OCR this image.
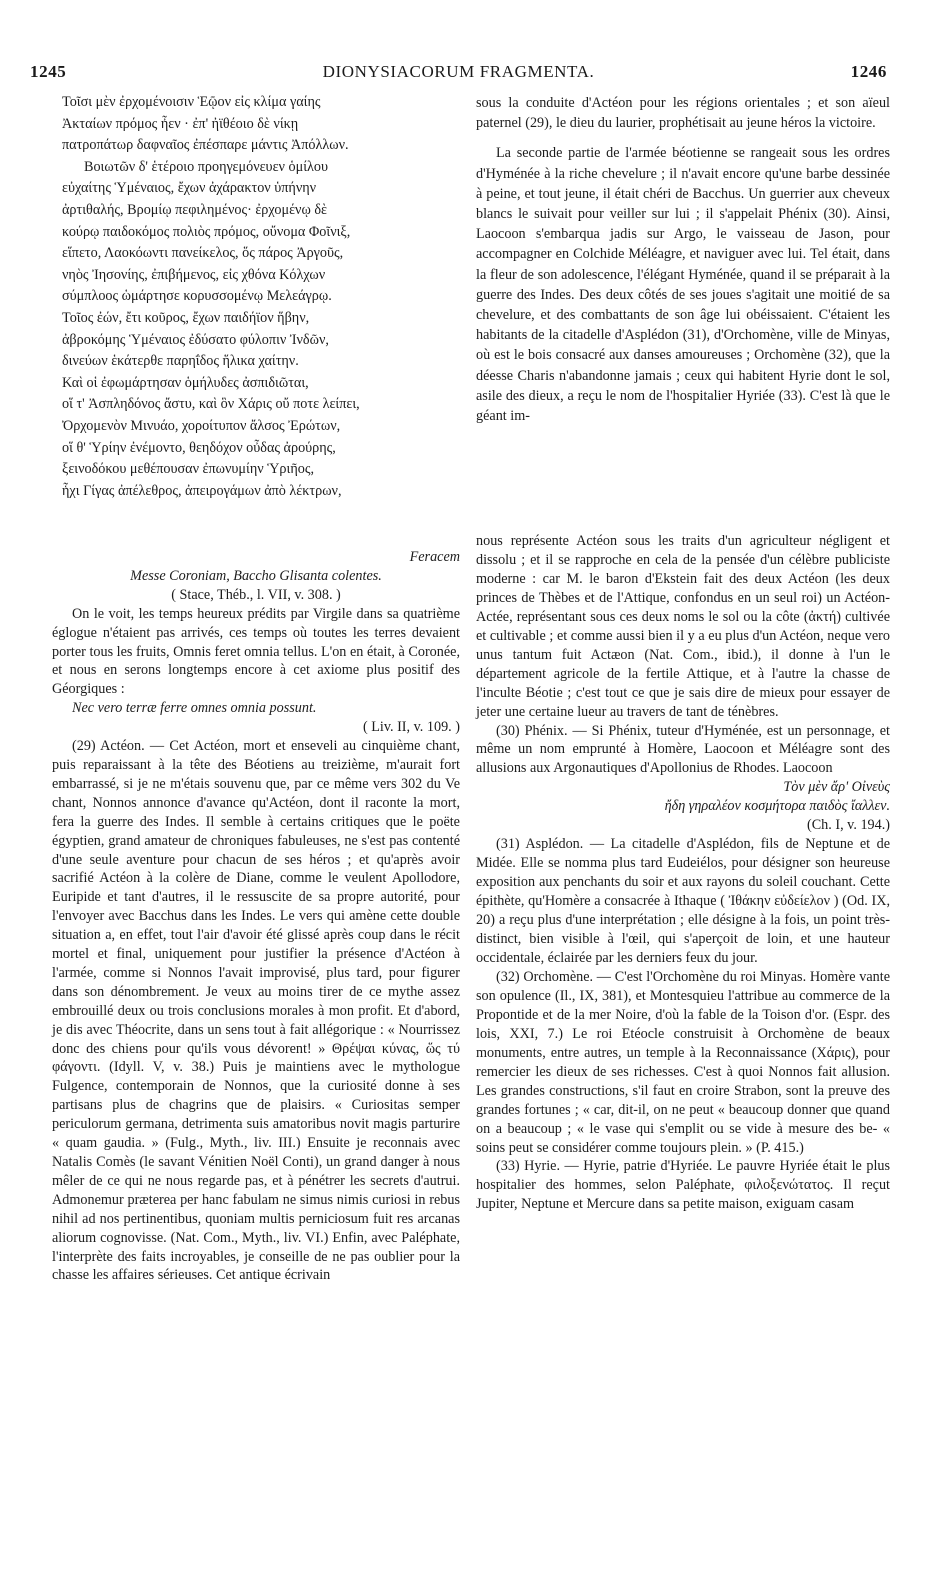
1245	DIONYSIACORUM FRAGMENTA.	1246
Τοῖσι μὲν ἐρχομένοισιν Ἑῷον εἰς κλίμα γαίης
Ἀκταίων πρόμος ἦεν · ἐπ' ἠϊθέοιο δὲ νίκῃ
πατροπάτωρ δαφναῖος ἐπέσπαρε μάντις Ἀπόλλων.
Βοιωτῶν δ' ἑτέροιο προηγεμόνευεν ὁμίλου
εὐχαίτης Ὑμέναιος, ἔχων ἀχάρακτον ὑπήνην
ἀρτιθαλής, Βρομίῳ πεφιλημένος· ἐρχομένῳ δὲ
κούρῳ παιδοκόμος πολιὸς πρόμος, οὔνομα Φοῖνιξ,
εἵπετο, Λαοκόωντι πανείκελος, ὅς πάρος Ἀργοῦς,
νηὸς Ἰησονίης, ἐπιβήμενος, εἰς χθόνα Κόλχων
σύμπλοος ὡμάρτησε κορυσσομένῳ Μελεάγρῳ.
Τοῖος ἐών, ἔτι κοῦρος, ἔχων παιδήϊον ἥβην,
ἀβροκόμης Ὑμέναιος ἐδύσατο φύλοπιν Ἰνδῶν,
δινεύων ἑκάτερθε παρηΐδος ἥλικα χαίτην.
Καὶ οἱ ἐφωμάρτησαν ὁμήλυδες ἀσπιδιῶται,
οἵ τ' Ἀσπληδόνος ἄστυ, καὶ ὃν Χάρις οὔ ποτε λείπει,
Ὀρχομενὸν Μινυάο, χοροίτυπον ἄλσος Ἐρώτων,
οἵ θ' Ὑρίην ἐνέμοντο, θεηδόχον οὖδας ἀρούρης,
ξεινοδόκου μεθέπουσαν ἐπωνυμίην Ὑριῆος,
ἧχι Γίγας ἀπέλεθρος, ἀπειρογάμων ἀπὸ λέκτρων,

sous la conduite d'Actéon pour les régions orientales ; et son aïeul paternel (29), le dieu du laurier, prophétisait au jeune héros la victoire.

La seconde partie de l'armée béotienne se rangeait sous les ordres d'Hyménée à la riche chevelure ; il n'avait encore qu'une barbe dessinée à peine, et tout jeune, il était chéri de Bacchus. Un guerrier aux cheveux blancs le suivait pour veiller sur lui ; il s'appelait Phénix (30). Ainsi, Laocoon s'embarqua jadis sur Argo, le vaisseau de Jason, pour accompagner en Colchide Méléagre, et naviguer avec lui. Tel était, dans la fleur de son adolescence, l'élégant Hyménée, quand il se préparait à la guerre des Indes. Des deux côtés de ses joues s'agitait une moitié de sa chevelure, et des combattants de son âge lui obéissaient. C'étaient les habitants de la citadelle d'Asplédon (31), d'Orchomène, ville de Minyas, où est le bois consacré aux danses amoureuses ; Orchomène (32), que la déesse Charis n'abandonne jamais ; ceux qui habitent Hyrie dont le sol, asile des dieux, a reçu le nom de l'hospitalier Hyriée (33). C'est là que le géant im-

Feracem

Messe Coroniam, Baccho Glisanta colentes.

( Stace, Théb., l. VII, v. 308. )

On le voit, les temps heureux prédits par Virgile dans sa quatrième églogue n'étaient pas arrivés, ces temps où toutes les terres devaient porter tous les fruits, Omnis feret omnia tellus. L'on en était, à Coronée, et nous en serons longtemps encore à cet axiome plus positif des Géorgiques :

Nec vero terræ ferre omnes omnia possunt.

( Liv. II, v. 109. )

(29) Actéon. — Cet Actéon, mort et enseveli au cinquième chant, puis reparaissant à la tête des Béotiens au treizième, m'aurait fort embarrassé, si je ne m'étais souvenu que, par ce même vers 302 du Ve chant, Nonnos annonce d'avance qu'Actéon, dont il raconte la mort, fera la guerre des Indes. Il semble à certains critiques que le poëte égyptien, grand amateur de chroniques fabuleuses, ne s'est pas contenté d'une seule aventure pour chacun de ses héros ; et qu'après avoir sacrifié Actéon à la colère de Diane, comme le veulent Apollodore, Euripide et tant d'autres, il le ressuscite de sa propre autorité, pour l'envoyer avec Bacchus dans les Indes. Le vers qui amène cette double situation a, en effet, tout l'air d'avoir été glissé après coup dans le récit mortel et final, uniquement pour justifier la présence d'Actéon à l'armée, comme si Nonnos l'avait improvisé, plus tard, pour figurer dans son dénombrement. Je veux au moins tirer de ce mythe assez embrouillé deux ou trois conclusions morales à mon profit. Et d'abord, je dis avec Théocrite, dans un sens tout à fait allégorique : « Nourrissez donc des chiens pour qu'ils vous dévorent! » Θρέψαι κύνας, ὥς τύ φάγοντι. (Idyll. V, v. 38.) Puis je maintiens avec le mythologue Fulgence, contemporain de Nonnos, que la curiosité donne à ses partisans plus de chagrins que de plaisirs. « Curiositas semper periculorum germana, detrimenta suis amatoribus novit magis parturire « quam gaudia. » (Fulg., Myth., liv. III.) Ensuite je reconnais avec Natalis Comès (le savant Vénitien Noël Conti), un grand danger à nous mêler de ce qui ne nous regarde pas, et à pénétrer les secrets d'autrui. Admonemur præterea per hanc fabulam ne simus nimis curiosi in rebus nihil ad nos pertinentibus, quoniam multis perniciosum fuit res arcanas aliorum cognovisse. (Nat. Com., Myth., liv. VI.) Enfin, avec Paléphate, l'interprète des faits incroyables, je conseille de ne pas oublier pour la chasse les affaires sérieuses. Cet antique écrivain

nous représente Actéon sous les traits d'un agriculteur négligent et dissolu ; et il se rapproche en cela de la pensée d'un célèbre publiciste moderne : car M. le baron d'Ekstein fait des deux Actéon (les deux princes de Thèbes et de l'Attique, confondus en un seul roi) un Actéon-Actée, représentant sous ces deux noms le sol ou la côte (ἀκτή) cultivée et cultivable ; et comme aussi bien il y a eu plus d'un Actéon, neque vero unus tantum fuit Actæon (Nat. Com., ibid.), il donne à l'un le département agricole de la fertile Attique, et à l'autre la chasse de l'inculte Béotie ; c'est tout ce que je sais dire de mieux pour essayer de jeter une certaine lueur au travers de tant de ténèbres.

(30) Phénix. — Si Phénix, tuteur d'Hyménée, est un personnage, et même un nom emprunté à Homère, Laocoon et Méléagre sont des allusions aux Argonautiques d'Apollonius de Rhodes. Laocoon

Τὸν μὲν ἄρ' Οἰνεὺς

ἤδη γηραλέον κοσμήτορα παιδὸς ἴαλλεν.

(Ch. I, v. 194.)

(31) Asplédon. — La citadelle d'Asplédon, fils de Neptune et de Midée. Elle se nomma plus tard Eudeiélos, pour désigner son heureuse exposition aux penchants du soir et aux rayons du soleil couchant. Cette épithète, qu'Homère a consacrée à Ithaque ( Ἰθάκην εὐδείελον ) (Od. IX, 20) a reçu plus d'une interprétation ; elle désigne à la fois, un point très-distinct, bien visible à l'œil, qui s'aperçoit de loin, et une hauteur occidentale, éclairée par les derniers feux du jour.

(32) Orchomène. — C'est l'Orchomène du roi Minyas. Homère vante son opulence (Il., IX, 381), et Montesquieu l'attribue au commerce de la Propontide et de la mer Noire, d'où la fable de la Toison d'or. (Espr. des lois, XXI, 7.) Le roi Etéocle construisit à Orchomène de beaux monuments, entre autres, un temple à la Reconnaissance (Χάρις), pour remercier les dieux de ses richesses. C'est à quoi Nonnos fait allusion. Les grandes constructions, s'il faut en croire Strabon, sont la preuve des grandes fortunes ; « car, dit-il, on ne peut « beaucoup donner que quand on a beaucoup ; « le vase qui s'emplit ou se vide à mesure des be- « soins peut se considérer comme toujours plein. » (P. 415.)

(33) Hyrie. — Hyrie, patrie d'Hyriée. Le pauvre Hyriée était le plus hospitalier des hommes, selon Paléphate, φιλοξενώτατος. Il reçut Jupiter, Neptune et Mercure dans sa petite maison, exiguam casam
